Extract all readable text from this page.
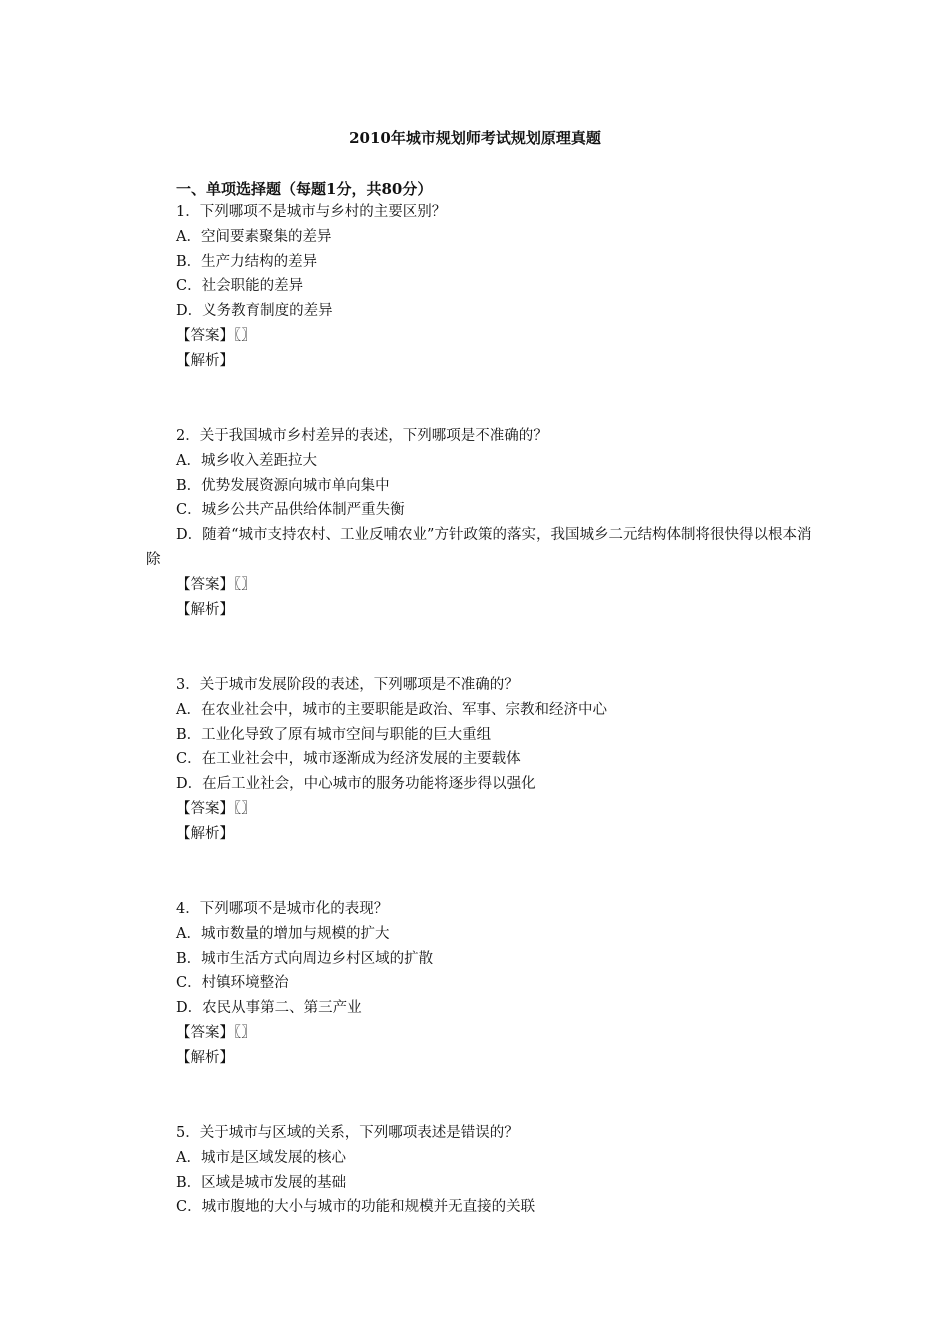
2010年城市规划师考试规划原理真题
一、单项选择题（每题1分，共80分）
1．下列哪项不是城市与乡村的主要区别？
A．空间要素聚集的差异
B．生产力结构的差异
C．社会职能的差异
D．义务教育制度的差异
【答案】〖〗
【解析】
2．关于我国城市乡村差异的表述，下列哪项是不准确的？
A．城乡收入差距拉大
B．优势发展资源向城市单向集中
C．城乡公共产品供给体制严重失衡
D．随着“城市支持农村、工业反哺农业”方针政策的落实，我国城乡二元结构体制将很快得以根本消除
【答案】〖〗
【解析】
3．关于城市发展阶段的表述，下列哪项是不准确的？
A．在农业社会中，城市的主要职能是政治、军事、宗教和经济中心
B．工业化导致了原有城市空间与职能的巨大重组
C．在工业社会中，城市逐渐成为经济发展的主要载体
D．在后工业社会，中心城市的服务功能将逐步得以强化
【答案】〖〗
【解析】
4．下列哪项不是城市化的表现？
A．城市数量的增加与规模的扩大
B．城市生活方式向周边乡村区域的扩散
C．村镇环境整治
D．农民从事第二、第三产业
【答案】〖〗
【解析】
5．关于城市与区域的关系，下列哪项表述是错误的？
A．城市是区域发展的核心
B．区域是城市发展的基础
C．城市腹地的大小与城市的功能和规模并无直接的关联
